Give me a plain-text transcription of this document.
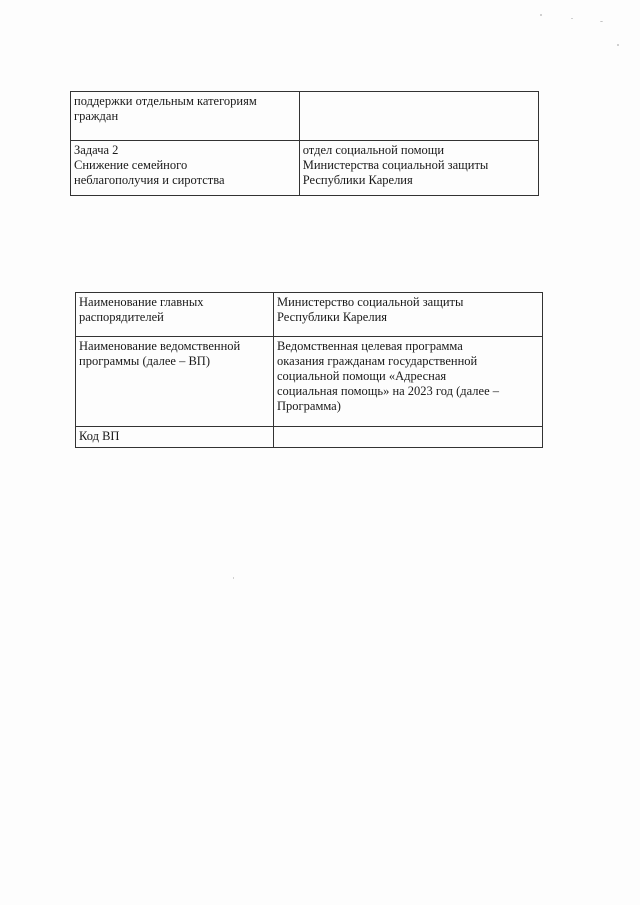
поддержки отдельным категориям
граждан	

Задача 2
Снижение семейного
неблагополучия и сиротства	отдел социальной помощи
Министерства социальной защиты
Республики Карелия
Наименование главных
распорядителей	Министерство социальной защиты
Республики Карелия

Наименование ведомственной
программы (далее – ВП)	Ведомственная целевая программа
оказания гражданам государственной
социальной помощи «Адресная
социальная помощь» на 2023 год (далее –
Программа)

Код ВП	
